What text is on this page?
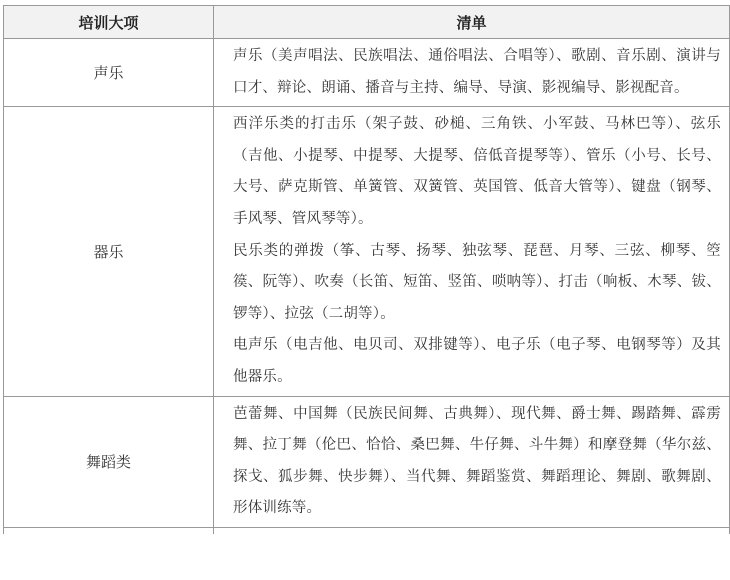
培训大项	清单
声乐	声乐（美声唱法、民族唱法、通俗唱法、合唱等）、歌剧、音乐剧、演讲与口才、辩论、朗诵、播音与主持、编导、导演、影视编导、影视配音。

器乐	西洋乐类的打击乐（架子鼓、砂槌、三角铁、小军鼓、马林巴等）、弦乐（吉他、小提琴、中提琴、大提琴、倍低音提琴等）、管乐（小号、长号、大号、萨克斯管、单簧管、双簧管、英国管、低音大管等）、键盘（钢琴、手风琴、管风琴等）。

民乐类的弹拨（筝、古琴、扬琴、独弦琴、琵琶、月琴、三弦、柳琴、箜篌、阮等）、吹奏（长笛、短笛、竖笛、唢呐等）、打击（响板、木琴、钹、锣等）、拉弦（二胡等）。

电声乐（电吉他、电贝司、双排键等）、电子乐（电子琴、电钢琴等）及其他器乐。

舞蹈类	芭蕾舞、中国舞（民族民间舞、古典舞）、现代舞、爵士舞、踢踏舞、霹雳舞、拉丁舞（伦巴、恰恰、桑巴舞、牛仔舞、斗牛舞）和摩登舞（华尔兹、探戈、狐步舞、快步舞）、当代舞、舞蹈鉴赏、舞蹈理论、舞剧、歌舞剧、形体训练等。
